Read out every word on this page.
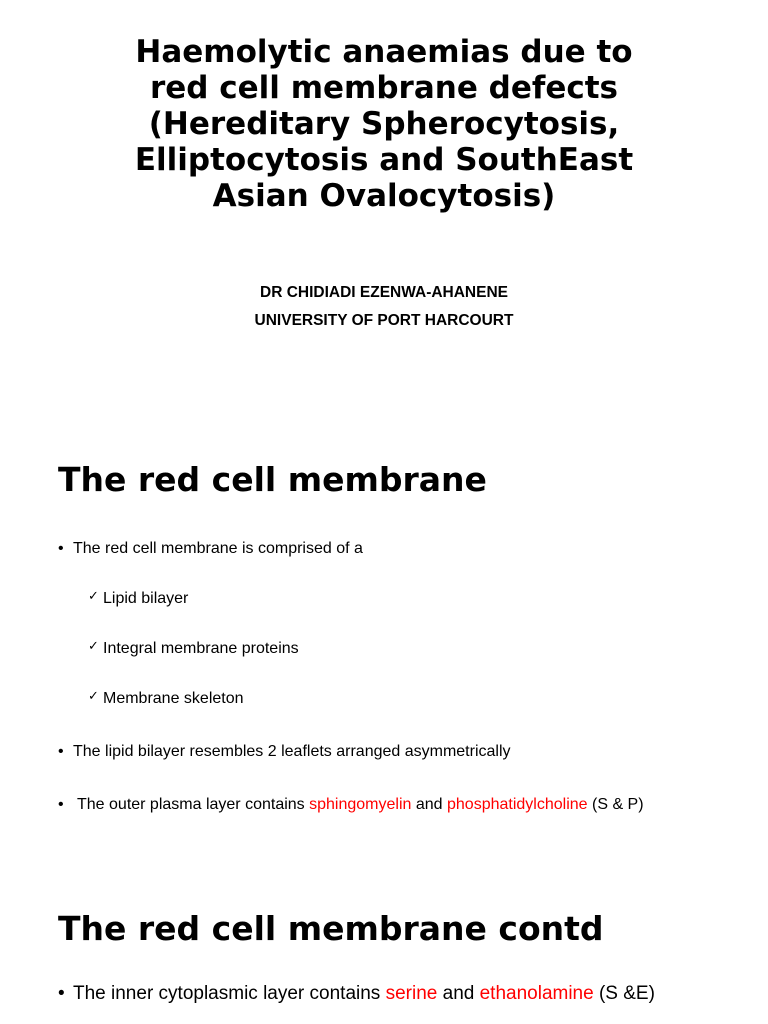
Haemolytic anaemias due to
red cell membrane defects
(Hereditary Spherocytosis,
Elliptocytosis and SouthEast
Asian Ovalocytosis)
DR CHIDIADI EZENWA-AHANENE
UNIVERSITY OF PORT HARCOURT
The red cell membrane
• The red cell membrane is comprised of a
✓ Lipid bilayer
✓ Integral membrane proteins
✓ Membrane skeleton
• The lipid bilayer resembles 2 leaflets arranged asymmetrically
• The outer plasma layer contains sphingomyelin and phosphatidylcholine (S & P)
The red cell membrane contd
• The inner cytoplasmic layer contains serine and ethanolamine (S &E)
